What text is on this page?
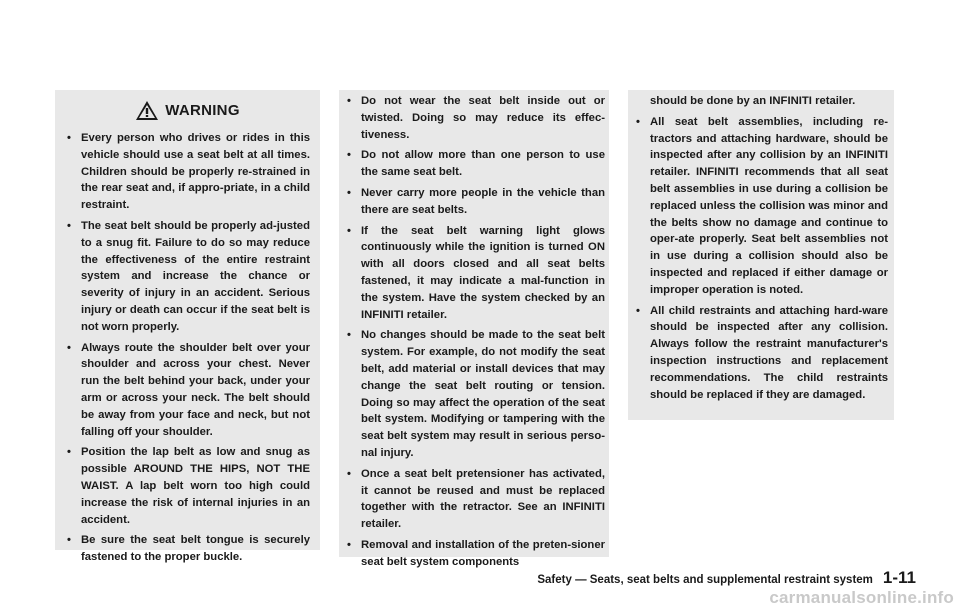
WARNING
• Every person who drives or rides in this vehicle should use a seat belt at all times. Children should be properly re-strained in the rear seat and, if appro-priate, in a child restraint.
• The seat belt should be properly ad-justed to a snug fit. Failure to do so may reduce the effectiveness of the entire restraint system and increase the chance or severity of injury in an accident. Serious injury or death can occur if the seat belt is not worn properly.
• Always route the shoulder belt over your shoulder and across your chest. Never run the belt behind your back, under your arm or across your neck. The belt should be away from your face and neck, but not falling off your shoulder.
• Position the lap belt as low and snug as possible AROUND THE HIPS, NOT THE WAIST. A lap belt worn too high could increase the risk of internal injuries in an accident.
• Be sure the seat belt tongue is securely fastened to the proper buckle.
• Do not wear the seat belt inside out or twisted. Doing so may reduce its effec-tiveness.
• Do not allow more than one person to use the same seat belt.
• Never carry more people in the vehicle than there are seat belts.
• If the seat belt warning light glows continuously while the ignition is turned ON with all doors closed and all seat belts fastened, it may indicate a mal-function in the system. Have the system checked by an INFINITI retailer.
• No changes should be made to the seat belt system. For example, do not modify the seat belt, add material or install devices that may change the seat belt routing or tension. Doing so may affect the operation of the seat belt system. Modifying or tampering with the seat belt system may result in serious perso-nal injury.
• Once a seat belt pretensioner has activated, it cannot be reused and must be replaced together with the retractor. See an INFINITI retailer.
• Removal and installation of the preten-sioner seat belt system components
should be done by an INFINITI retailer.
• All seat belt assemblies, including re-tractors and attaching hardware, should be inspected after any collision by an INFINITI retailer. INFINITI recommends that all seat belt assemblies in use during a collision be replaced unless the collision was minor and the belts show no damage and continue to oper-ate properly. Seat belt assemblies not in use during a collision should also be inspected and replaced if either damage or improper operation is noted.
• All child restraints and attaching hard-ware should be inspected after any collision. Always follow the restraint manufacturer's inspection instructions and replacement recommendations. The child restraints should be replaced if they are damaged.
Safety — Seats, seat belts and supplemental restraint system 1-11
carmanualsonline.info
